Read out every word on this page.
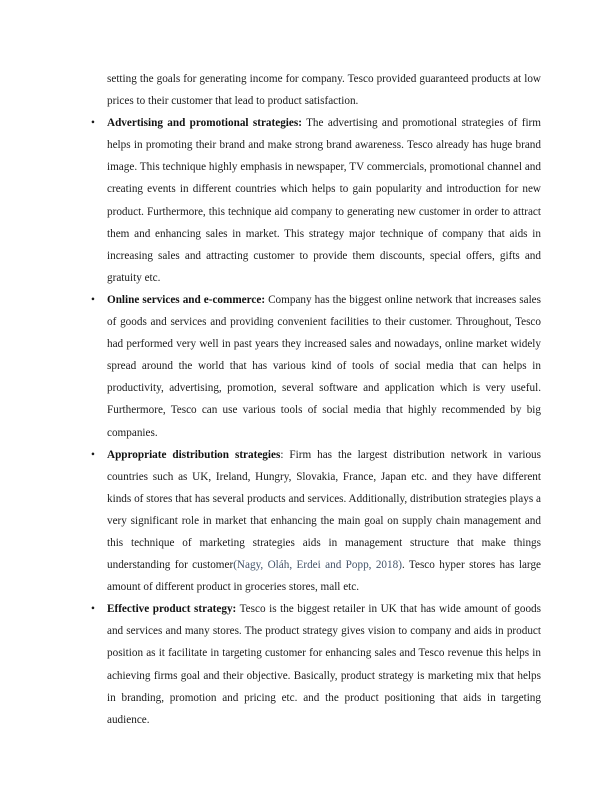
setting the goals for generating income for company. Tesco provided guaranteed products at low prices to their customer that lead to product satisfaction.

•	Advertising and promotional strategies: The advertising and promotional strategies of firm helps in promoting their brand and make strong brand awareness. Tesco already has huge brand image. This technique highly emphasis in newspaper, TV commercials, promotional channel and creating events in different countries which helps to gain popularity and introduction for new product. Furthermore, this technique aid company to generating new customer in order to attract them and enhancing sales in market. This strategy major technique of company that aids in increasing sales and attracting customer to provide them discounts, special offers, gifts and gratuity etc.
•	Online services and e-commerce: Company has the biggest online network that increases sales of goods and services and providing convenient facilities to their customer. Throughout, Tesco had performed very well in past years they increased sales and nowadays, online market widely spread around the world that has various kind of tools of social media that can helps in productivity, advertising, promotion, several software and application which is very useful. Furthermore, Tesco can use various tools of social media that highly recommended by big companies.
•	Appropriate distribution strategies: Firm has the largest distribution network in various countries such as UK, Ireland, Hungry, Slovakia, France, Japan etc. and they have different kinds of stores that has several products and services. Additionally, distribution strategies plays a very significant role in market that enhancing the main goal on supply chain management and this technique of marketing strategies aids in management structure that make things understanding for customer(Nagy, Oláh, Erdei and Popp, 2018). Tesco hyper stores has large amount of different product in groceries stores, mall etc.
•	Effective product strategy: Tesco is the biggest retailer in UK that has wide amount of goods and services and many stores. The product strategy gives vision to company and aids in product position as it facilitate in targeting customer for enhancing sales and Tesco revenue this helps in achieving firms goal and their objective. Basically, product strategy is marketing mix that helps in branding, promotion and pricing etc. and the product positioning that aids in targeting audience.
